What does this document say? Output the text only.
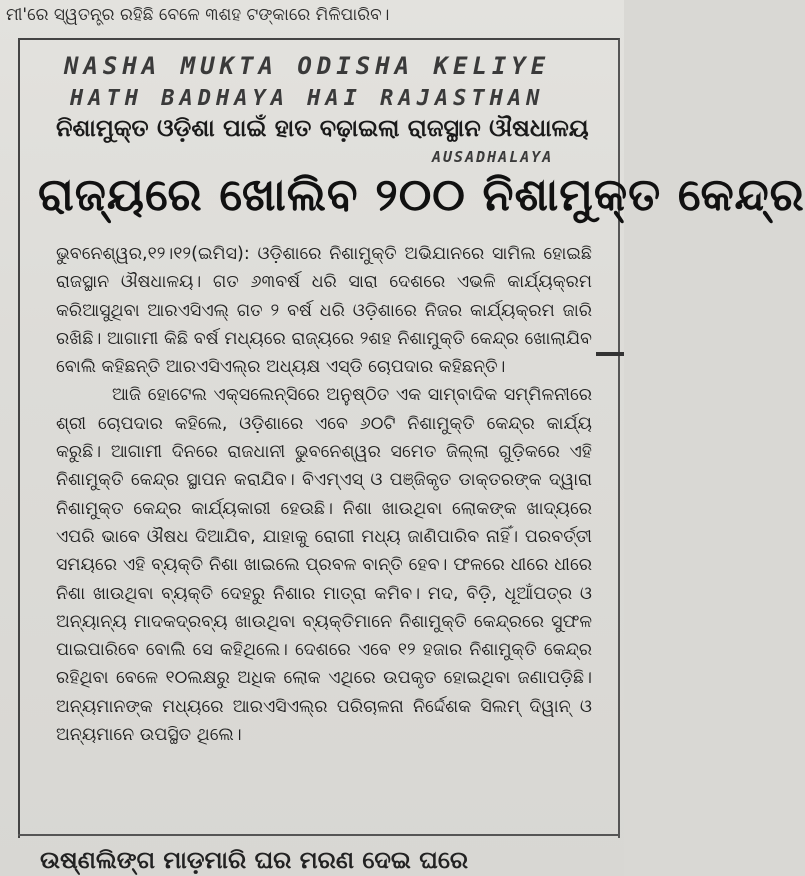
ମୀ'ରେ ସ୍ୱତନ୍ତ୍ର ରହିଛି ବେଳେ ୩ଶହ ଟଙ୍କାରେ ମିଳିପାରିବ।
NASHA MUKTA ODISHA KELIYE
HATH BADHAYA HAI RAJASTHAN
AUSADHALAYA
ନିଶାମୁକ୍ତ ଓଡ଼ିଶା ପାଇଁ ହାତ ବଢ଼ାଇଲା ରାଜସ୍ଥାନ ଔଷଧାଳୟ
ରାଜ୍ୟରେ ଖୋଲିବ ୨୦୦ ନିଶାମୁକ୍ତ କେନ୍ଦ୍ର

ଭୁବନେଶ୍ୱର,୧୨।୧୨(ଇମିସ): ଓଡ଼ିଶାରେ ନିଶାମୁକ୍ତି ଅଭିଯାନରେ ସାମିଲ ହୋଇଛି ରାଜସ୍ଥାନ ଔଷଧାଳୟ। ଗତ ୬୩ବର୍ଷ ଧରି ସାରା ଦେଶରେ ଏଭଳି କାର୍ଯ୍ୟକ୍ରମ କରିଆସୁଥିବା ଆରଏସିଏଲ୍ ଗତ ୨ ବର୍ଷ ଧରି ଓଡ଼ିଶାରେ ନିଜର କାର୍ଯ୍ୟକ୍ରମ ଜାରି ରଖିଛି। ଆଗାମୀ କିଛି ବର୍ଷ ମଧ୍ୟରେ ରାଜ୍ୟରେ ୨ଶହ ନିଶାମୁକ୍ତି କେନ୍ଦ୍ର ଖୋଲାଯିବ ବୋଲି କହିଛନ୍ତି ଆରଏସିଏଲ୍‌ର ଅଧ୍ୟକ୍ଷ ଏସ୍‌ଡି ଚୋପଦାର କହିଛନ୍ତି।

ଆଜି ହୋଟେଲ ଏକ୍ସଲେନ୍ସିରେ ଅନୁଷ୍ଠିତ ଏକ ସାମ୍ବାଦିକ ସମ୍ମିଳନୀରେ ଶ୍ରୀ ଚୋପଦାର କହିଲେ, ଓଡ଼ିଶାରେ ଏବେ ୬୦ଟି ନିଶାମୁକ୍ତି କେନ୍ଦ୍ର କାର୍ଯ୍ୟ କରୁଛି। ଆଗାମୀ ଦିନରେ ରାଜଧାନୀ ଭୁବନେଶ୍ୱର ସମେତ ଜିଲ୍ଲା ଗୁଡ଼ିକରେ ଏହି ନିଶାମୁକ୍ତି କେନ୍ଦ୍ର ସ୍ଥାପନ କରାଯିବ। ବିଏମ୍‌ଏସ୍ ଓ ପଞ୍ଜିକୃତ ଡାକ୍ତରଙ୍କ ଦ୍ୱାରା ନିଶାମୁକ୍ତ କେନ୍ଦ୍ର କାର୍ଯ୍ୟକାରୀ ହେଉଛି। ନିଶା ଖାଉଥିବା ଲୋକଙ୍କ ଖାଦ୍ୟରେ ଏପରି ଭାବେ ଔଷଧ ଦିଆଯିବ, ଯାହାକୁ ରୋଗୀ ମଧ୍ୟ ଜାଣିପାରିବ ନାହିଁ। ପରବର୍ତ୍ତୀ ସମୟରେ ଏହି ବ୍ୟକ୍ତି ନିଶା ଖାଇଲେ ପ୍ରବଳ ବାନ୍ତି ହେବ। ଫଳରେ ଧୀରେ ଧୀରେ ନିଶା ଖାଉଥିବା ବ୍ୟକ୍ତି ଦେହରୁ ନିଶାର ମାତ୍ରା କମିବ। ମଦ, ବିଡ଼ି, ଧୂଆଁପତ୍ର ଓ ଅନ୍ୟାନ୍ୟ ମାଦକଦ୍ରବ୍ୟ ଖାଉଥିବା ବ୍ୟକ୍ତିମାନେ ନିଶାମୁକ୍ତି କେନ୍ଦ୍ରରେ ସୁଫଳ ପାଇପାରିବେ ବୋଲି ସେ କହିଥିଲେ। ଦେଶରେ ଏବେ ୧୨ ହଜାର ନିଶାମୁକ୍ତି କେନ୍ଦ୍ର ରହିଥିବା ବେଳେ ୧୦ଲକ୍ଷରୁ ଅଧିକ ଲୋକ ଏଥିରେ ଉପକୃତ ହୋଇଥିବା ଜଣାପଡ଼ିଛି। ଅନ୍ୟମାନଙ୍କ ମଧ୍ୟରେ ଆରଏସିଏଲ୍‌ର ପରିଚାଳନା ନିର୍ଦ୍ଦେଶକ ସିଲମ୍ ଦିୱାନ୍ ଓ ଅନ୍ୟମାନେ ଉପସ୍ଥିତ ଥିଲେ।

ଉଷ୍ଣଲିଙ୍ଗ ମାଡ଼ମାରି ଘର ମରଣ ଦେଇ ଘରେ
